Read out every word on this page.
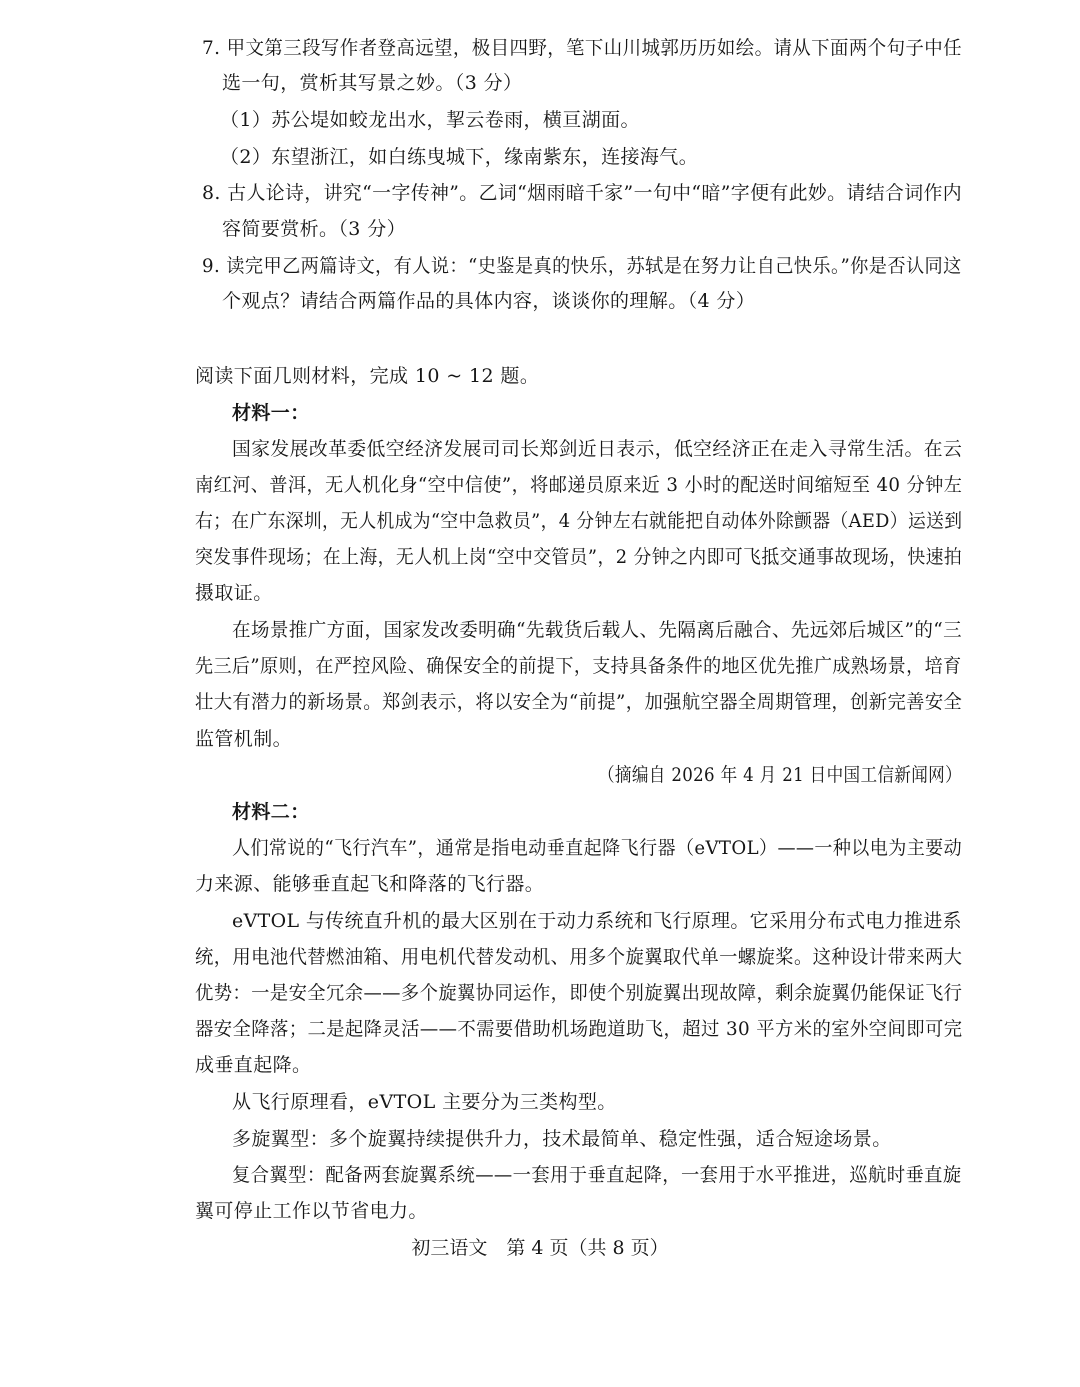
7. 甲文第三段写作者登高远望，极目四野，笔下山川城郭历历如绘。请从下面两个句子中任
选一句，赏析其写景之妙。（3 分）
（1）苏公堤如蛟龙出水，挈云卷雨，横亘湖面。
（2）东望浙江，如白练曳城下，缘南紫东，连接海气。
8. 古人论诗，讲究“一字传神”。乙词“烟雨暗千家”一句中“暗”字便有此妙。请结合词作内
容简要赏析。（3 分）
9. 读完甲乙两篇诗文，有人说：“史鉴是真的快乐，苏轼是在努力让自己快乐。”你是否认同这
个观点？请结合两篇作品的具体内容，谈谈你的理解。（4 分）
阅读下面几则材料，完成 10 ~ 12 题。
材料一：
国家发展改革委低空经济发展司司长郑剑近日表示，低空经济正在走入寻常生活。在云
南红河、普洱，无人机化身“空中信使”，将邮递员原来近 3 小时的配送时间缩短至 40 分钟左
右；在广东深圳，无人机成为“空中急救员”，4 分钟左右就能把自动体外除颤器（AED）运送到
突发事件现场；在上海，无人机上岗“空中交管员”，2 分钟之内即可飞抵交通事故现场，快速拍
摄取证。
在场景推广方面，国家发改委明确“先载货后载人、先隔离后融合、先远郊后城区”的“三
先三后”原则，在严控风险、确保安全的前提下，支持具备条件的地区优先推广成熟场景，培育
壮大有潜力的新场景。郑剑表示，将以安全为“前提”，加强航空器全周期管理，创新完善安全
监管机制。
（摘编自 2026 年 4 月 21 日中国工信新闻网）
材料二：
人们常说的“飞行汽车”，通常是指电动垂直起降飞行器（eVTOL）——一种以电为主要动
力来源、能够垂直起飞和降落的飞行器。
eVTOL 与传统直升机的最大区别在于动力系统和飞行原理。它采用分布式电力推进系
统，用电池代替燃油箱、用电机代替发动机、用多个旋翼取代单一螺旋桨。这种设计带来两大
优势：一是安全冗余——多个旋翼协同运作，即使个别旋翼出现故障，剩余旋翼仍能保证飞行
器安全降落；二是起降灵活——不需要借助机场跑道助飞，超过 30 平方米的室外空间即可完
成垂直起降。
从飞行原理看，eVTOL 主要分为三类构型。
多旋翼型：多个旋翼持续提供升力，技术最简单、稳定性强，适合短途场景。
复合翼型：配备两套旋翼系统——一套用于垂直起降，一套用于水平推进，巡航时垂直旋
翼可停止工作以节省电力。
初三语文　第 4 页（共 8 页）
